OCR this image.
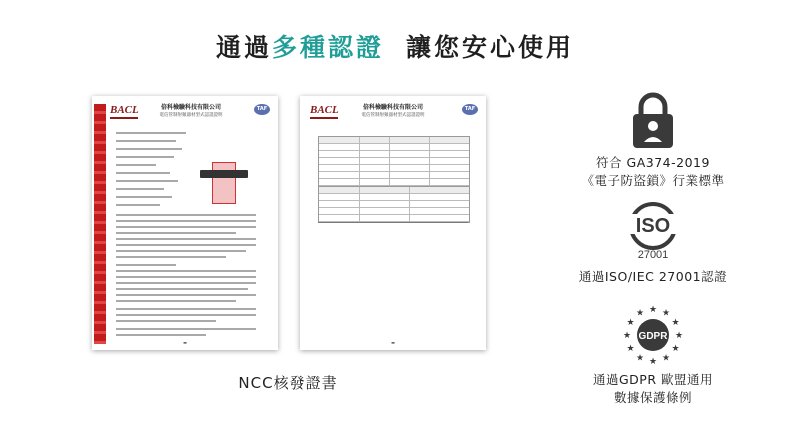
通過多種認證 讓您安心使用
BACL	倍科檢驗科技有限公司
電信管制射頻器材型式認證證明
TAF
▬
BACL	倍科檢驗科技有限公司
電信管制射頻器材型式認證證明
TAF
▬
NCC核發證書
符合 GA374-2019
《電子防盜鎖》行業標準
ISO
27001
通過ISO/IEC 27001認證
GDPR
★ ★
★
★
★
★
★
★
★
★
★
★
通過GDPR 歐盟通用
數據保護條例
